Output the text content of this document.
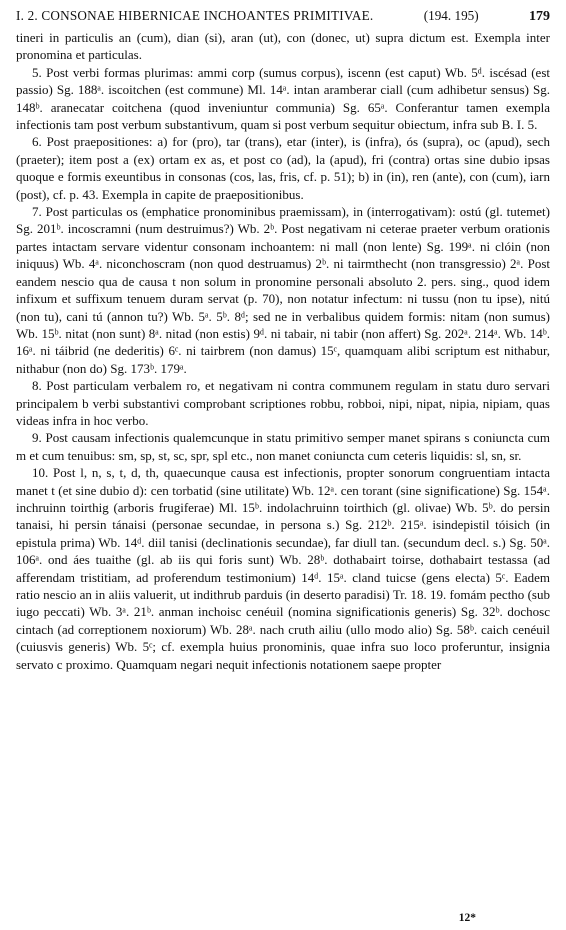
I. 2. CONSONAE HIBERNICAE INCHOANTES PRIMITIVAE.	(194. 195)	179

tineri in particulis an (cum), dian (si), aran (ut), con (donec, ut) supra dictum est. Exempla inter pronomina et particulas.

5. Post verbi formas plurimas: ammi corp (sumus corpus), iscenn (est caput) Wb. 5ᵈ. iscésad (est passio) Sg. 188ᵃ. iscoitchen (est commune) Ml. 14ᵃ. intan aramberar ciall (cum adhibetur sensus) Sg. 148ᵇ. aranecatar coitchena (quod inveniuntur communia) Sg. 65ᵃ. Conferantur tamen exempla infectionis tam post verbum substantivum, quam si post verbum sequitur obiectum, infra sub B. I. 5.

6. Post praepositiones: a) for (pro), tar (trans), etar (inter), is (infra), ós (supra), oc (apud), sech (praeter); item post a (ex) ortam ex as, et post co (ad), la (apud), fri (contra) ortas sine dubio ipsas quoque e formis exeuntibus in consonas (cos, las, fris, cf. p. 51); b) in (in), ren (ante), con (cum), iarn (post), cf. p. 43. Exempla in capite de praepositionibus.

7. Post particulas os (emphatice pronominibus praemissam), in (interrogativam): ostú (gl. tutemet) Sg. 201ᵇ. incoscramni (num destruimus?) Wb. 2ᵇ. Post negativam ni ceterae praeter verbum orationis partes intactam servare videntur consonam inchoantem: ni mall (non lente) Sg. 199ᵃ. ni clóin (non iniquus) Wb. 4ᵃ. niconchoscram (non quod destruamus) 2ᵇ. ni tairmthecht (non transgressio) 2ᵃ. Post eandem nescio qua de causa t non solum in pronomine personali absoluto 2. pers. sing., quod idem infixum et suffixum tenuem duram servat (p. 70), non notatur infectum: ni tussu (non tu ipse), nitú (non tu), cani tú (annon tu?) Wb. 5ᵃ. 5ᵇ. 8ᵈ; sed ne in verbalibus quidem formis: nitam (non sumus) Wb. 15ᵇ. nitat (non sunt) 8ᵃ. nitad (non estis) 9ᵈ. ni tabair, ni tabir (non affert) Sg. 202ᵃ. 214ᵃ. Wb. 14ᵇ. 16ᵃ. ni táibrid (ne dederitis) 6ᶜ. ni tairbrem (non damus) 15ᶜ, quamquam alibi scriptum est nithabur, nithabur (non do) Sg. 173ᵇ. 179ᵃ.

8. Post particulam verbalem ro, et negativam ni contra communem regulam in statu duro servari principalem b verbi substantivi comprobant scriptiones robbu, robboi, nipi, nipat, nipia, nipiam, quas videas infra in hoc verbo.

9. Post causam infectionis qualemcunque in statu primitivo semper manet spirans s coniuncta cum m et cum tenuibus: sm, sp, st, sc, spr, spl etc., non manet coniuncta cum ceteris liquidis: sl, sn, sr.

10. Post l, n, s, t, d, th, quaecunque causa est infectionis, propter sonorum congruentiam intacta manet t (et sine dubio d): cen torbatid (sine utilitate) Wb. 12ᵃ. cen torant (sine significatione) Sg. 154ᵃ. inchruinn toirthig (arboris frugiferae) Ml. 15ᵇ. indolachruinn toirthich (gl. olivae) Wb. 5ᵇ. do persin tanaisi, hi persin tánaisi (personae secundae, in persona s.) Sg. 212ᵇ. 215ᵃ. isindepistil tóisich (in epistula prima) Wb. 14ᵈ. diil tanisi (declinationis secundae), far diull tan. (secundum decl. s.) Sg. 50ᵃ. 106ᵃ. ond áes tuaithe (gl. ab iis qui foris sunt) Wb. 28ᵇ. dothabairt toirse, dothabairt testassa (ad afferendam tristitiam, ad proferendum testimonium) 14ᵈ. 15ᵃ. cland tuicse (gens electa) 5ᶜ. Eadem ratio nescio an in aliis valuerit, ut indithrub parduis (in deserto paradisi) Tr. 18. 19. fomám pectho (sub iugo peccati) Wb. 3ᵃ. 21ᵇ. anman inchoisc cenéuil (nomina significationis generis) Sg. 32ᵇ. dochosc cintach (ad correptionem noxiorum) Wb. 28ᵃ. nach cruth ailiu (ullo modo alio) Sg. 58ᵇ. caich cenéuil (cuiusvis generis) Wb. 5ᶜ; cf. exempla huius pronominis, quae infra suo loco proferuntur, insignia servato c proximo. Quamquam negari nequit infectionis notationem saepe propter

12*
